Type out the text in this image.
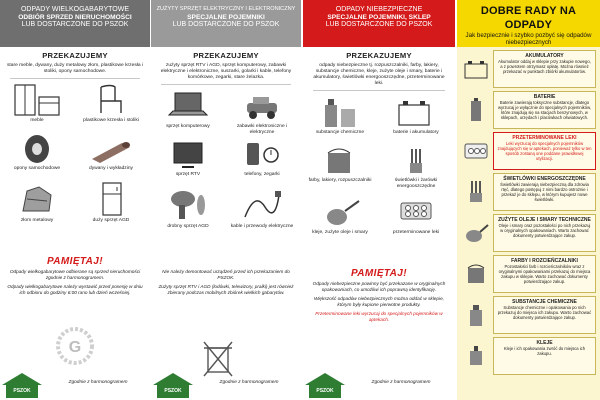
ODPADY WIELKOGABARYTOWE
ODBIÓR SPRZED NIERUCHOMOŚCI
LUB DOSTARCZONE DO PSZOK
PRZEKAZUJEMY
stare meble, dywany, duży metalowy złom, plastikowe krzesła i stoliki, opony samochodowe.
meble	plastikowe krzesła i stoliki
opony samochodowe	dywany i wykładziny
złom metalowy	duży sprzęt AGD
PAMIĘTAJ!

Odpady wielkogabarytowe odbierane są sprzed nieruchomości zgodnie z harmonogramem.

Odpady wielkogabarytowe należy wystawić przed posesję w dniu ich odbioru do godziny 6:00 rano lub dzień wcześniej.

G
PSZOK
Zgodnie z harmonogramem
ZUŻYTY SPRZĘT ELEKTRYCZNY I ELEKTRONICZNY
SPECJALNE POJEMNIKI
LUB DOSTARCZONE DO PSZOK
PRZEKAZUJEMY
zużyty sprzęt RTV i AGD, sprzęt komputerowy, zabawki elektryczne i elektroniczne, suszarki, golarki i kable, telefony komórkowe, zegarki, stare żelazka.
sprzęt komputerowy	zabawki elektroniczne i elektryczne
sprzęt RTV	telefony, zegarki
drobny sprzęt AGD	kable i przewody elektryczne

Nie należy demontować urządzeń przed ich przekazaniem do PSZOK.

Zużyty sprzęt RTV i AGD (lodówki, telewizory, pralki) jest również zbierany podczas mobilnych zbiórek wielkich gabarytów.

PSZOK
Zgodnie z harmonogramem
ODPADY NIEBEZPIECZNE
SPECJALNE POJEMNIKI, SKLEP
LUB DOSTARCZONE DO PSZOK
PRZEKAZUJEMY
odpady niebezpieczne tj. rozpuszczalniki, farby, lakiery, substancje chemiczne, kleje, zużyte oleje i smary, baterie i akumulatory, świetlówki energooszczędne, przeterminowane leki.
substancje chemiczne	baterie i akumulatory
farby, lakiery, rozpuszczalniki	świetlówki i żarówki energooszczędne
kleje, zużyte oleje i smary	przeterminowane leki
PAMIĘTAJ!

Odpady niebezpieczne powinny być przekazane w oryginalnych opakowaniach, co umożliwi ich poprawną identyfikację.

Większość odpadów niebezpiecznych można oddać w sklepie, którym były kupione pierwotne produkty.

Przeterminowane leki wyrzucaj do specjalnych pojemników w aptekach.

PSZOK
Zgodnie z harmonogramem
DOBRE RADY NA ODPADY
Jak bezpiecznie i szybko pozbyć się odpadów niebezpiecznych
AKUMULATORY
Akumulator oddaj w sklepie przy zakupie nowego, a z powrotem otrzymasz opłatę. Można również przekazać w punktach zbiórki akumulatorów.
BATERIE
Baterie zawierają toksyczne substancje, dlatego wyrzucaj je wyłącznie do specjalnych pojemników, które znajdują się na stacjach benzynowych, w sklepach, urzędach i placówkach oświatowych.
PRZETERMINOWANE LEKI
Leki wyrzucaj do specjalnych pojemników znajdujących się w aptekach, ponieważ tylko w ten sposób zostaną one poddane prawidłowej utylizacji.
ŚWIETLÓWKI ENERGOSZCZĘDNE
Świetlówki zawierają niebezpieczną dla zdrowia rtęć, dlatego postępuj z nimi bardzo ostrożnie i przekaż je do sklepu, w którym kupujesz nowe świetlówki.
ZUŻYTE OLEJE I SMARY TECHNICZNE
Oleje i smary oraz pozostałości po nich przekazuj w oryginalnych opakowaniach. Warto zachować dokumenty potwierdzające zakup.
FARBY I ROZCIEŃCZALNIKI
Pozostałości farb i rozcieńczalników wraz z oryginalnymi opakowaniami przekazuj do miejsca zakupu w sklepie. Warto zachować dokumenty potwierdzające zakup.
SUBSTANCJE CHEMICZNE
Substancje chemiczne i opakowania po nich przekazuj do miejsca ich zakupu. Warto zachować dokumenty potwierdzające zakup.
KLEJE
Kleje i ich opakowania zwróć do miejsca ich zakupu.
